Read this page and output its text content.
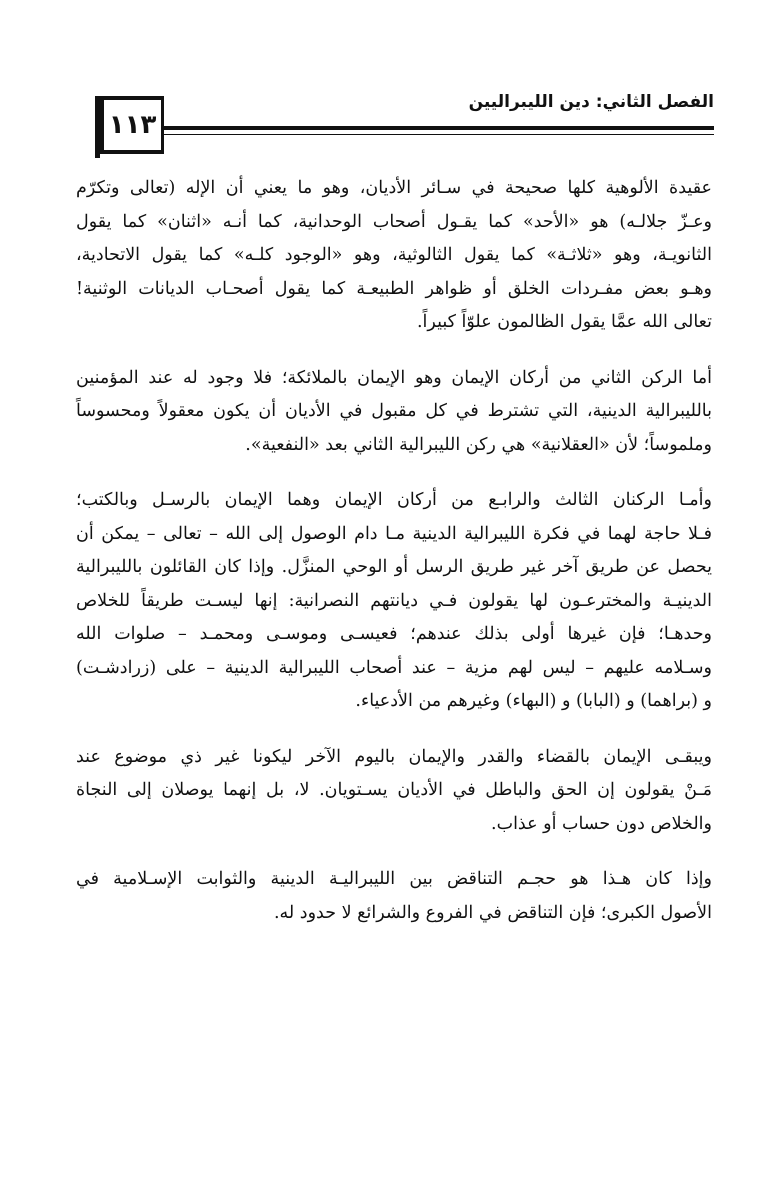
الفصل الثاني: دين الليبراليين
١١٣
عقيدة الألوهية كلها صحيحة في سـائر الأديان، وهو ما يعني أن الإله (تعالى وتكرّم
وعـزّ جلالـه) هو «الأحد» كما يقـول أصحاب الوحدانية، كما أنـه «اثنان» كما يقول
الثانويـة، وهو «ثلاثـة» كما يقول الثالوثية، وهو «الوجود كلـه» كما يقول الاتحادية،
وهـو بعض مفـردات الخلق أو ظواهر الطبيعـة كما يقول أصحـاب الديانات الوثنية!
تعالى الله عمَّا يقول الظالمون علوّاً كبيراً.
أما الركن الثاني من أركان الإيمان وهو الإيمان بالملائكة؛ فلا وجود له عند المؤمنين
بالليبرالية الدينية، التي تشترط في كل مقبول في الأديان أن يكون معقولاً ومحسوساً
وملموساً؛ لأن «العقلانية» هي ركن الليبرالية الثاني بعد «النفعية».
وأمـا الركنان الثالث والرابـع من أركان الإيمان وهما الإيمان بالرسـل وبالكتب؛
فـلا حاجة لهما في فكرة الليبرالية الدينية مـا دام الوصول إلى الله – تعالى – يمكن أن
يحصل عن طريق آخر غير طريق الرسل أو الوحي المنزَّل. وإذا كان القائلون بالليبرالية
الدينيـة والمخترعـون لها يقولون فـي ديانتهم النصرانية: إنها ليسـت طريقاً للخلاص
وحدهـا؛ فإن غيرها أولى بذلك عندهم؛ فعيسـى وموسـى ومحمـد – صلوات الله
وسـلامه عليهم – ليس لهم مزية – عند أصحاب الليبرالية الدينية – على (زرادشـت)
و (براهما) و (البابا) و (البهاء) وغيرهم من الأدعياء.
ويبقـى الإيمان بالقضاء والقدر والإيمان باليوم الآخر ليكونا غير ذي موضوع عند
مَـنْ يقولون إن الحق والباطل في الأديان يسـتويان. لا، بل إنهما يوصلان إلى النجاة
والخلاص دون حساب أو عذاب.
وإذا كان هـذا هو حجـم التناقض بين الليبراليـة الدينية والثوابت الإسـلامية في
الأصول الكبرى؛ فإن التناقض في الفروع والشرائع لا حدود له.
